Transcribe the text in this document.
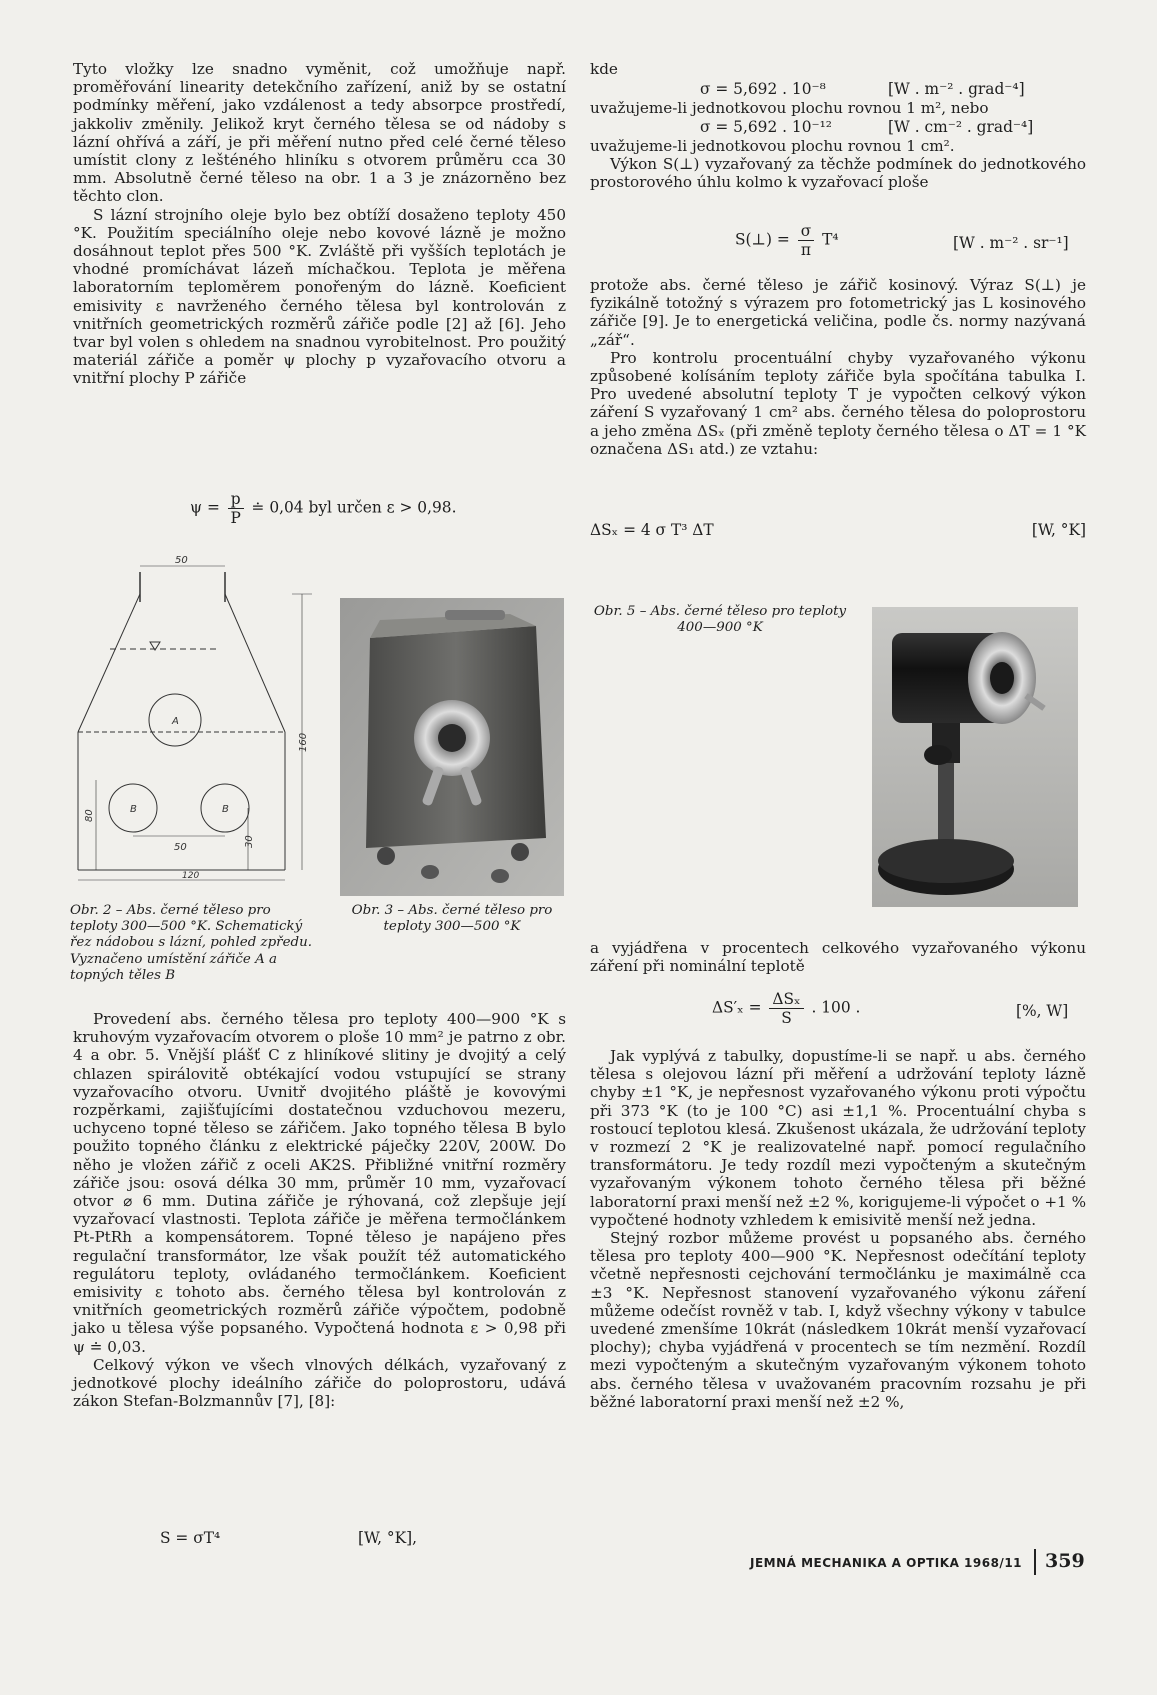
Tyto vložky lze snadno vyměnit, což umožňuje např. proměřování linearity detekčního zařízení, aniž by se ostatní podmínky měření, jako vzdálenost a tedy absorpce prostředí, jakkoliv změnily. Jelikož kryt černého tělesa se od nádoby s lázní ohřívá a září, je při měření nutno před celé černé těleso umístit clony z lešténého hliníku s otvorem průměru cca 30 mm. Absolutně černé těleso na obr. 1 a 3 je znázorněno bez těchto clon.

S lázní strojního oleje bylo bez obtíží dosaženo teploty 450 °K. Použitím speciálního oleje nebo kovové lázně je možno dosáhnout teplot přes 500 °K. Zvláště při vyšších teplotách je vhodné promíchávat lázeň míchačkou. Teplota je měřena laboratorním teploměrem ponořeným do lázně. Koeficient emisivity ε navrženého černého tělesa byl kontrolován z vnitřních geometrických rozměrů zářiče podle [2] až [6]. Jeho tvar byl volen s ohledem na snadnou vyrobitelnost. Pro použitý materiál zářiče a poměr ψ plochy p vyzařovacího otvoru a vnitřní plochy P zářiče

$\psi = \frac{p}{P}$ ≐ 0,04 byl určen ε > 0,98.
50
A
B	B
50
120
160
80
30
Obr. 2 – Abs. černé těleso pro teploty 300—500 °K. Schematický řez nádobou s lázní, pohled zpředu. Vyznačeno umístění zářiče A a topných těles B
Obr. 3 – Abs. černé těleso pro teploty 300—500 °K

Provedení abs. černého tělesa pro teploty 400—900 °K s kruhovým vyzařovacím otvorem o ploše 10 mm² je patrno z obr. 4 a obr. 5. Vnější plášť C z hliníkové slitiny je dvojitý a celý chlazen spirálovitě obtékající vodou vstupující se strany vyzařovacího otvoru. Uvnitř dvojitého pláště je kovovými rozpěrkami, zajišťujícími dostatečnou vzduchovou mezeru, uchyceno topné těleso se zářičem. Jako topného tělesa B bylo použito topného článku z elektrické páječky 220V, 200W. Do něho je vložen zářič z oceli AK2S. Přibližné vnitřní rozměry zářiče jsou: osová délka 30 mm, průměr 10 mm, vyzařovací otvor ⌀ 6 mm. Dutina zářiče je rýhovaná, což zlepšuje její vyzařovací vlastnosti. Teplota zářiče je měřena termočlánkem Pt-PtRh a kompensátorem. Topné těleso je napájeno přes regulační transformátor, lze však použít též automatického regulátoru teploty, ovládaného termočlánkem. Koeficient emisivity ε tohoto abs. černého tělesa byl kontrolován z vnitřních geometrických rozměrů zářiče výpočtem, podobně jako u tělesa výše popsaného. Vypočtená hodnota ε > 0,98 při ψ ≐ 0,03.

Celkový výkon ve všech vlnových délkách, vyzařovaný z jednotkové plochy ideálního zářiče do poloprostoru, udává zákon Stefan-Bolzmannův [7], [8]:

S = σT⁴	[W, °K],

kde

σ = 5,692 . 10⁻⁸	[W . m⁻² . grad⁻⁴]

uvažujeme-li jednotkovou plochu rovnou 1 m², nebo

σ = 5,692 . 10⁻¹²	[W . cm⁻² . grad⁻⁴]

uvažujeme-li jednotkovou plochu rovnou 1 cm².

Výkon S(⊥) vyzařovaný za těchže podmínek do jednotkového prostorového úhlu kolmo k vyzařovací ploše

S(⊥) = $\frac{\sigma}{\pi} T^4$	[W . m⁻² . sr⁻¹]

protože abs. černé těleso je zářič kosinový. Výraz S(⊥) je fyzikálně totožný s výrazem pro fotometrický jas L kosinového zářiče [9]. Je to energetická veličina, podle čs. normy nazývaná „zář“.

Pro kontrolu procentuální chyby vyzařovaného výkonu způsobené kolísáním teploty zářiče byla spočítána tabulka I. Pro uvedené absolutní teploty T je vypočten celkový výkon záření S vyzařovaný 1 cm² abs. černého tělesa do poloprostoru a jeho změna ΔSₓ (při změně teploty černého tělesa o ΔT = 1 °K označena ΔS₁ atd.) ze vztahu:

ΔSₓ = 4 σ T³ ΔT	[W, °K]
Obr. 5 – Abs. černé těleso pro teploty 400—900 °K

a vyjádřena v procentech celkového vyzařovaného výkonu záření při nominální teplotě

$\Delta S'_x = \frac{\text{ΔSₓ}}{S}$ . 100 .	[%, W]

Jak vyplývá z tabulky, dopustíme-li se např. u abs. černého tělesa s olejovou lázní při měření a udržování teploty lázně chyby ±1 °K, je nepřesnost vyzařovaného výkonu proti výpočtu při 373 °K (to je 100 °C) asi ±1,1 %. Procentuální chyba s rostoucí teplotou klesá. Zkušenost ukázala, že udržování teploty v rozmezí 2 °K je realizovatelné např. pomocí regulačního transformátoru. Je tedy rozdíl mezi vypočteným a skutečným vyzařovaným výkonem tohoto černého tělesa při běžné laboratorní praxi menší než ±2 %, korigujeme-li výpočet o +1 % vypočtené hodnoty vzhledem k emisivitě menší než jedna.

Stejný rozbor můžeme provést u popsaného abs. černého tělesa pro teploty 400—900 °K. Nepřesnost odečítání teploty včetně nepřesnosti cejchování termočlánku je maximálně cca ±3 °K. Nepřesnost stanovení vyzařovaného výkonu záření můžeme odečíst rovněž v tab. I, když všechny výkony v tabulce uvedené zmenšíme 10krát (následkem 10krát menší vyzařovací plochy); chyba vyjádřená v procentech se tím nezmění. Rozdíl mezi vypočteným a skutečným vyzařovaným výkonem tohoto abs. černého tělesa v uvažovaném pracovním rozsahu je při běžné laboratorní praxi menší než ±2 %,

JEMNÁ MECHANIKA A OPTIKA 1968/11 359
